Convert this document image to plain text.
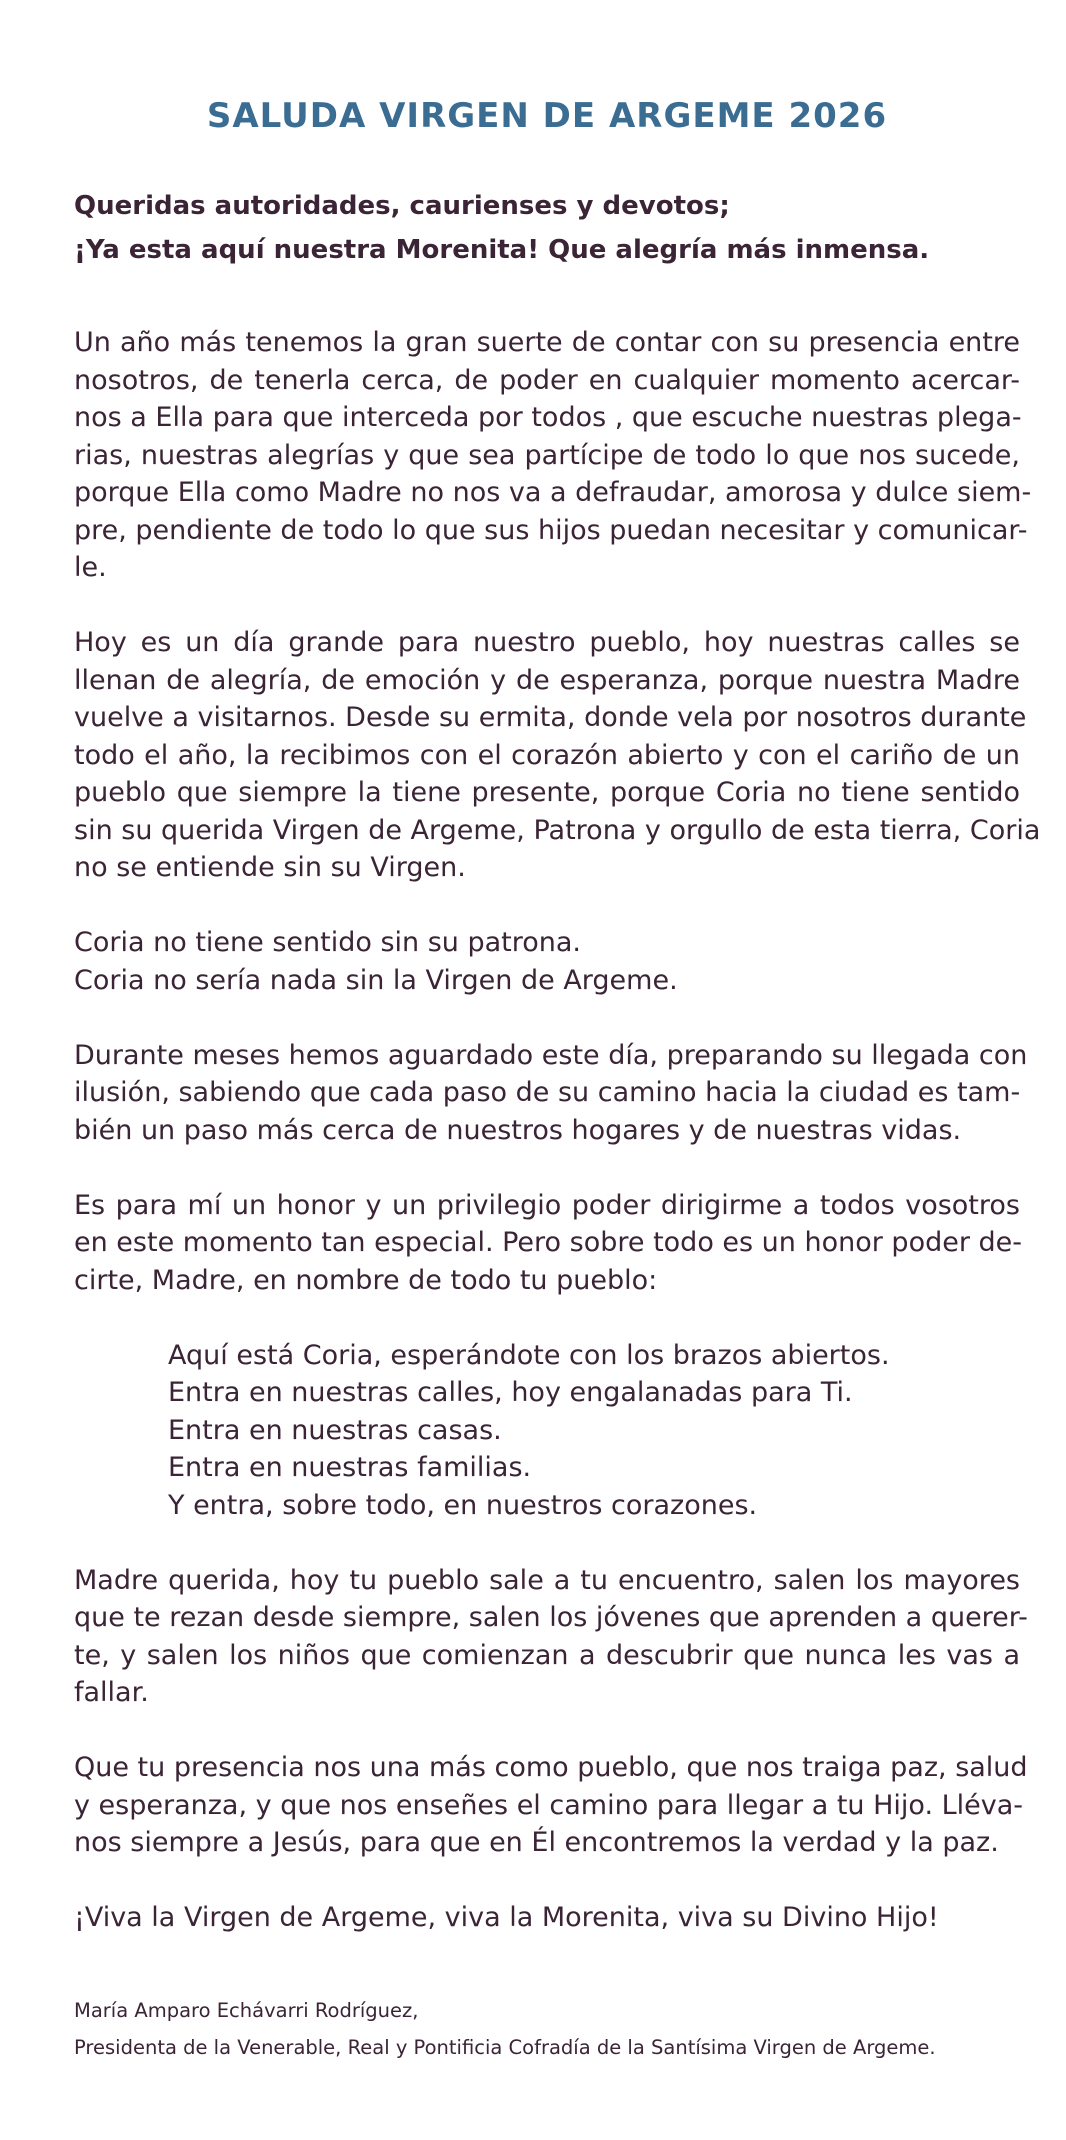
SALUDA VIRGEN DE ARGEME 2026
Queridas autoridades, caurienses y devotos;
¡Ya esta aquí nuestra Morenita! Que alegría más inmensa.
Un año más tenemos la gran suerte de contar con su presencia entre
nosotros, de tenerla cerca, de poder en cualquier momento acercar-
nos a Ella para que interceda por todos , que escuche nuestras plega-
rias, nuestras alegrías y que sea partícipe de todo lo que nos sucede,
porque Ella como Madre no nos va a defraudar, amorosa y dulce siem-
pre, pendiente de todo lo que sus hijos puedan necesitar y comunicar-
le.
Hoy es un día grande para nuestro pueblo, hoy nuestras calles se
llenan de alegría, de emoción y de esperanza, porque nuestra Madre
vuelve a visitarnos. Desde su ermita, donde vela por nosotros durante
todo el año, la recibimos con el corazón abierto y con el cariño de un
pueblo que siempre la tiene presente, porque Coria no tiene sentido
sin su querida Virgen de Argeme, Patrona y orgullo de esta tierra, Coria
no se entiende sin su Virgen.
Coria no tiene sentido sin su patrona.
Coria no sería nada sin la Virgen de Argeme.
Durante meses hemos aguardado este día, preparando su llegada con
ilusión, sabiendo que cada paso de su camino hacia la ciudad es tam-
bién un paso más cerca de nuestros hogares y de nuestras vidas.
Es para mí un honor y un privilegio poder dirigirme a todos vosotros
en este momento tan especial. Pero sobre todo es un honor poder de-
cirte, Madre, en nombre de todo tu pueblo:
Aquí está Coria, esperándote con los brazos abiertos.
Entra en nuestras calles, hoy engalanadas para Ti.
Entra en nuestras casas.
Entra en nuestras familias.
Y entra, sobre todo, en nuestros corazones.
Madre querida, hoy tu pueblo sale a tu encuentro, salen los mayores
que te rezan desde siempre, salen los jóvenes que aprenden a querer-
te, y salen los niños que comienzan a descubrir que nunca les vas a
fallar.
Que tu presencia nos una más como pueblo, que nos traiga paz, salud
y esperanza, y que nos enseñes el camino para llegar a tu Hijo. Lléva-
nos siempre a Jesús, para que en Él encontremos la verdad y la paz.
¡Viva la Virgen de Argeme, viva la Morenita, viva su Divino Hijo!
María Amparo Echávarri Rodríguez,
Presidenta de la Venerable, Real y Pontificia Cofradía de la Santísima Virgen de Argeme.
